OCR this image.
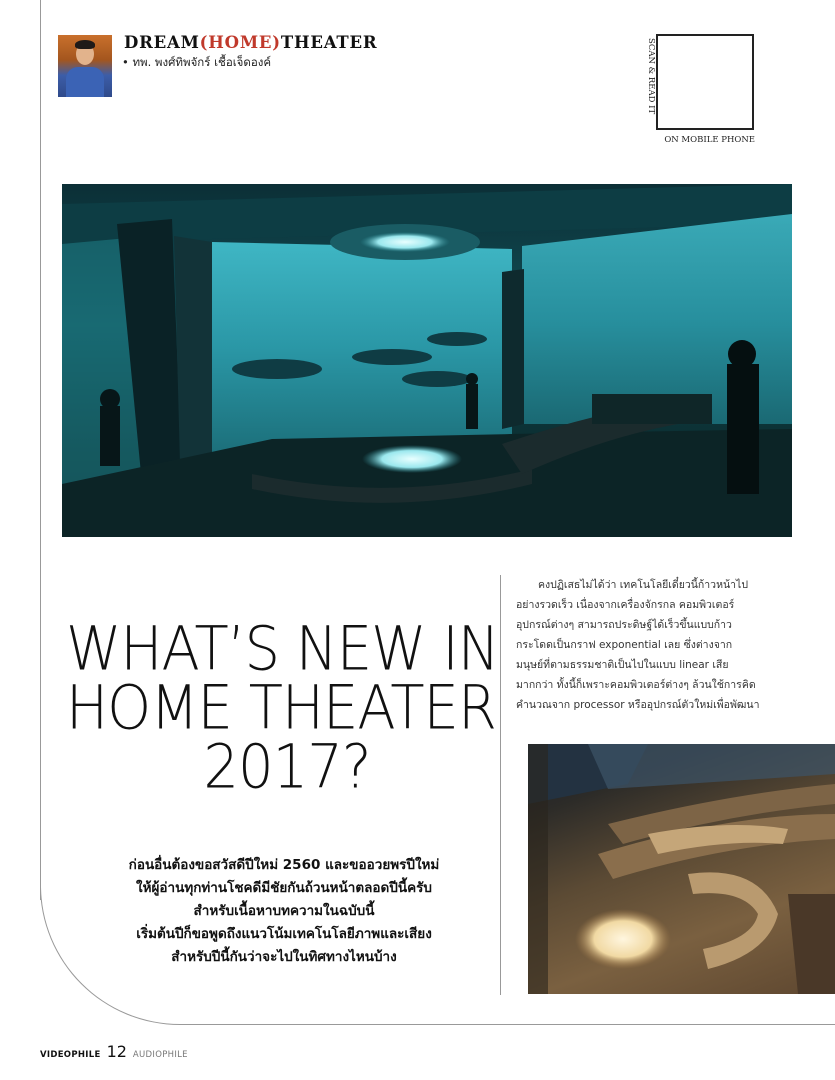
DREAM(HOME)THEATER
• ทพ. พงศ์ทิพจักร์ เชื้อเจ็ดองค์	SCAN & READ IT
ON MOBILE PHONE
WHAT’S NEW IN
HOME THEATER
2017?
ก่อนอื่นต้องขอสวัสดีปีใหม่ 2560 และขออวยพรปีใหม่
ให้ผู้อ่านทุกท่านโชคดีมีชัยกันถ้วนหน้าตลอดปีนี้ครับ
สำหรับเนื้อหาบทความในฉบับนี้
เริ่มต้นปีก็ขอพูดถึงแนวโน้มเทคโนโลยีภาพและเสียง
สำหรับปีนี้กันว่าจะไปในทิศทางไหนบ้าง
คงปฏิเสธไม่ได้ว่า เทคโนโลยีเดี๋ยวนี้ก้าวหน้าไป
อย่างรวดเร็ว เนื่องจากเครื่องจักรกล คอมพิวเตอร์
อุปกรณ์ต่างๆ สามารถประดิษฐ์ได้เร็วขึ้นแบบก้าว
กระโดดเป็นกราฟ exponential เลย ซึ่งต่างจาก
มนุษย์ที่ตามธรรมชาติเป็นไปในแบบ linear เสีย
มากกว่า ทั้งนี้ก็เพราะคอมพิวเตอร์ต่างๆ ล้วนใช้การคิด
คำนวณจาก processor หรืออุปกรณ์ตัวใหม่เพื่อพัฒนา
VIDEOPHILE 12 AUDIOPHILE
